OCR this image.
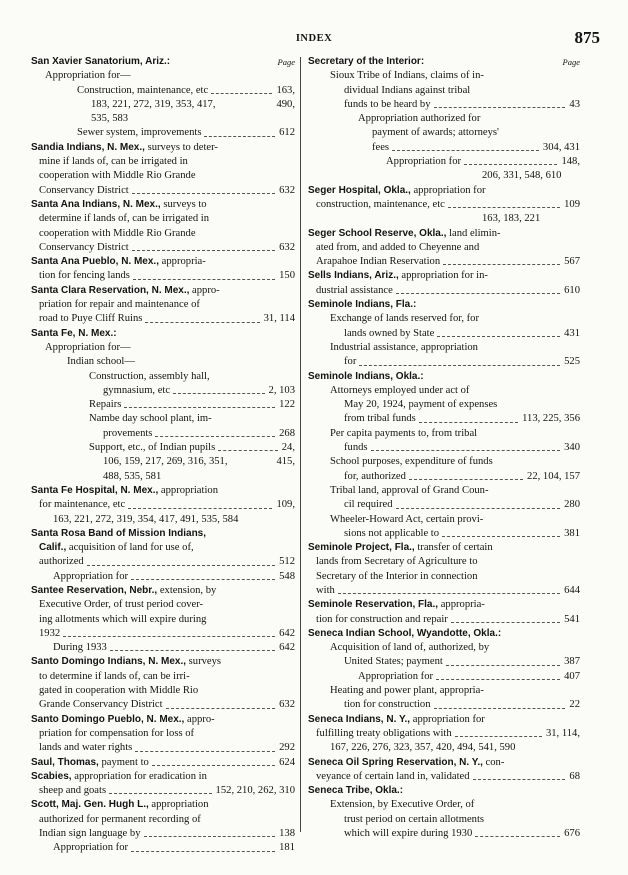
INDEX	875
Page
San Xavier Sanatorium, Ariz.:
Appropriation for—
Construction, maintenance, etc	163,
183, 221, 272, 319, 353, 417,	490,
535, 583
Sewer system, improvements	612
Sandia Indians, N. Mex., surveys to deter-
mine if lands of, can be irrigated in
cooperation with Middle Rio Grande
Conservancy District	632
Santa Ana Indians, N. Mex., surveys to
determine if lands of, can be irrigated in
cooperation with Middle Rio Grande
Conservancy District	632
Santa Ana Pueblo, N. Mex., appropria-
tion for fencing lands	150
Santa Clara Reservation, N. Mex., appro-
priation for repair and maintenance of
road to Puye Cliff Ruins	31, 114
Santa Fe, N. Mex.:
Appropriation for—
Indian school—
Construction, assembly hall,
gymnasium, etc	2, 103
Repairs	122
Nambe day school plant, im-
provements	268
Support, etc., of Indian pupils	24,
106, 159, 217, 269, 316, 351,	415,
488, 535, 581
Santa Fe Hospital, N. Mex., appropriation
for maintenance, etc	109,
163, 221, 272, 319, 354, 417, 491, 535, 584
Santa Rosa Band of Mission Indians,
Calif., acquisition of land for use of,
authorized	512
Appropriation for	548
Santee Reservation, Nebr., extension, by
Executive Order, of trust period cover-
ing allotments which will expire during
1932	642
During 1933	642
Santo Domingo Indians, N. Mex., surveys
to determine if lands of, can be irri-
gated in cooperation with Middle Rio
Grande Conservancy District	632
Santo Domingo Pueblo, N. Mex., appro-
priation for compensation for loss of
lands and water rights	292
Saul, Thomas, payment to	624
Scabies, appropriation for eradication in
sheep and goats	152, 210, 262, 310
Scott, Maj. Gen. Hugh L., appropriation
authorized for permanent recording of
Indian sign language by	138
Appropriation for	181
Page
Secretary of the Interior:
Sioux Tribe of Indians, claims of in-
dividual Indians against tribal
funds to be heard by	43
Appropriation authorized for
payment of awards; attorneys'
fees	304, 431
Appropriation for	148,
206, 331, 548, 610
Seger Hospital, Okla., appropriation for
construction, maintenance, etc	109
163, 183, 221
Seger School Reserve, Okla., land elimin-
ated from, and added to Cheyenne and
Arapahoe Indian Reservation	567
Sells Indians, Ariz., appropriation for in-
dustrial assistance	610
Seminole Indians, Fla.:
Exchange of lands reserved for, for
lands owned by State	431
Industrial assistance, appropriation
for	525
Seminole Indians, Okla.:
Attorneys employed under act of
May 20, 1924, payment of expenses
from tribal funds	113, 225, 356
Per capita payments to, from tribal
funds	340
School purposes, expenditure of funds
for, authorized	22, 104, 157
Tribal land, approval of Grand Coun-
cil required	280
Wheeler-Howard Act, certain provi-
sions not applicable to	381
Seminole Project, Fla., transfer of certain
lands from Secretary of Agriculture to
Secretary of the Interior in connection
with	644
Seminole Reservation, Fla., appropria-
tion for construction and repair	541
Seneca Indian School, Wyandotte, Okla.:
Acquisition of land of, authorized, by
United States; payment	387
Appropriation for	407
Heating and power plant, appropria-
tion for construction	22
Seneca Indians, N. Y., appropriation for
fulfilling treaty obligations with	31, 114,
167, 226, 276, 323, 357, 420, 494, 541, 590
Seneca Oil Spring Reservation, N. Y., con-
veyance of certain land in, validated	68
Seneca Tribe, Okla.:
Extension, by Executive Order, of
trust period on certain allotments
which will expire during 1930	676
